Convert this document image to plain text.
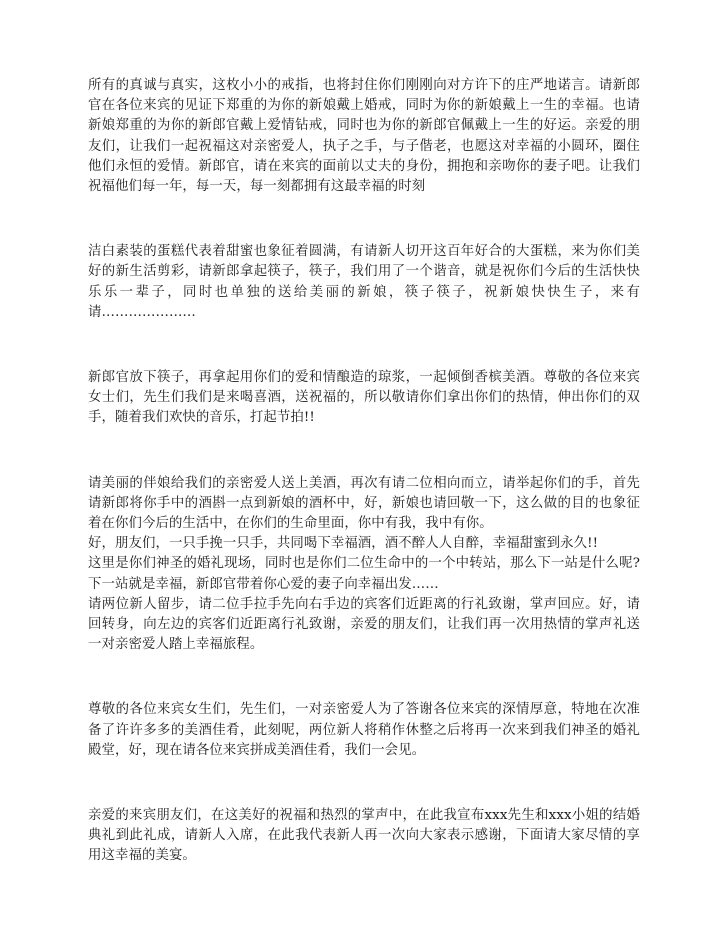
所有的真诚与真实，这枚小小的戒指，也将封住你们刚刚向对方许下的庄严地诺言。请新郎官在各位来宾的见证下郑重的为你的新娘戴上婚戒，同时为你的新娘戴上一生的幸福。也请新娘郑重的为你的新郎官戴上爱情钻戒，同时也为你的新郎官佩戴上一生的好运。亲爱的朋友们，让我们一起祝福这对亲密爱人，执子之手，与子偕老，也愿这对幸福的小圆环，圈住他们永恒的爱情。新郎官，请在来宾的面前以丈夫的身份，拥抱和亲吻你的妻子吧。让我们祝福他们每一年，每一天，每一刻都拥有这最幸福的时刻

洁白素装的蛋糕代表着甜蜜也象征着圆满，有请新人切开这百年好合的大蛋糕，来为你们美好的新生活剪彩，请新郎拿起筷子，筷子，我们用了一个谐音，就是祝你们今后的生活快快乐乐一辈子，同时也单独的送给美丽的新娘，筷子筷子，祝新娘快快生子，来有请…………………

新郎官放下筷子，再拿起用你们的爱和情酿造的琼浆，一起倾倒香槟美酒。尊敬的各位来宾女士们，先生们我们是来喝喜酒，送祝福的，所以敬请你们拿出你们的热情，伸出你们的双手，随着我们欢快的音乐，打起节拍!!

请美丽的伴娘给我们的亲密爱人送上美酒，再次有请二位相向而立，请举起你们的手，首先请新郎将你手中的酒斟一点到新娘的酒杯中，好，新娘也请回敬一下，这么做的目的也象征着在你们今后的生活中，在你们的生命里面，你中有我，我中有你。
好，朋友们，一只手挽一只手，共同喝下幸福酒，酒不醉人人自醉，幸福甜蜜到永久!!
这里是你们神圣的婚礼现场，同时也是你们二位生命中的一个中转站，那么下一站是什么呢? 下一站就是幸福，新郎官带着你心爱的妻子向幸福出发……
请两位新人留步，请二位手拉手先向右手边的宾客们近距离的行礼致谢，掌声回应。好，请回转身，向左边的宾客们近距离行礼致谢，亲爱的朋友们，让我们再一次用热情的掌声礼送一对亲密爱人踏上幸福旅程。

尊敬的各位来宾女生们，先生们，一对亲密爱人为了答谢各位来宾的深情厚意，特地在次准备了许许多多的美酒佳肴，此刻呢，两位新人将稍作休整之后将再一次来到我们神圣的婚礼殿堂，好，现在请各位来宾拼成美酒佳肴，我们一会见。

亲爱的来宾朋友们，在这美好的祝福和热烈的掌声中，在此我宣布xxx先生和xxx小姐的结婚典礼到此礼成，请新人入席，在此我代表新人再一次向大家表示感谢，下面请大家尽情的享用这幸福的美宴。
